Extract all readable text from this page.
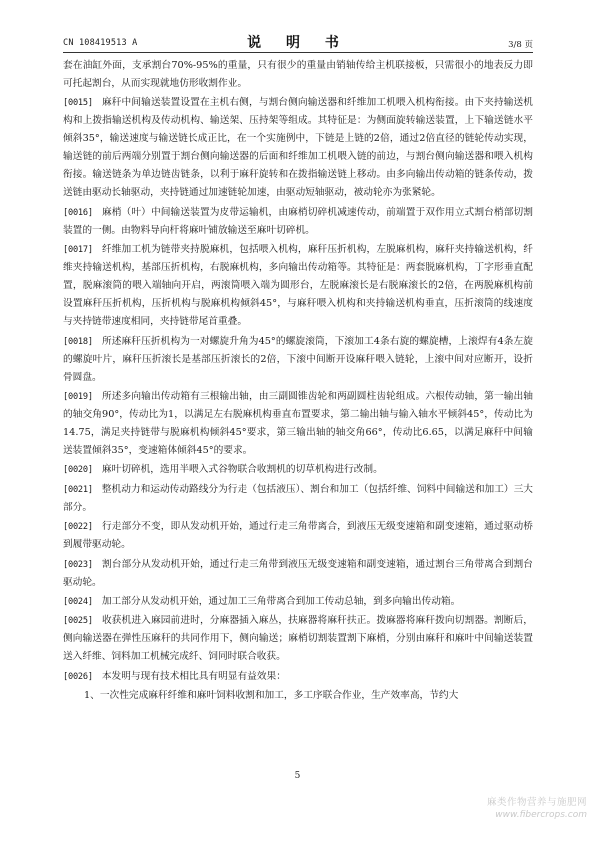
CN 108419513 A	说 明 书	3/8 页

套在油缸外面，支承割台70%-95%的重量，只有很少的重量由销轴传给主机联接板，只需很小的地表反力即可托起割台，从而实现就地仿形收割作业。

[0015] 麻秆中间输送装置设置在主机右侧，与割台侧向输送器和纤维加工机喂入机构衔接。由下夹持输送机构和上拨指输送机构及传动机构、输送架、压持架等组成。其特征是：为侧面旋转输送装置，上下输送链水平倾斜35°，输送速度与输送链长成正比，在一个实施例中，下链是上链的2倍，通过2倍直径的链轮传动实现，输送链的前后两端分别置于割台侧向输送器的后面和纤维加工机喂入链的前边，与割台侧向输送器和喂入机构衔接。输送链条为单边链齿链条，以利于麻秆旋转和在拨指输送链上移动。由多向输出传动箱的链条传动，拨送链由驱动长轴驱动，夹持链通过加速链轮加速，由驱动短轴驱动，被动轮亦为张紧轮。

[0016] 麻梢（叶）中间输送装置为皮带运输机，由麻梢切碎机减速传动，前端置于双作用立式割台梢部切割装置的一侧。由物料导向杆将麻叶铺放输送至麻叶切碎机。

[0017] 纤维加工机为链带夹持脱麻机，包括喂入机构，麻秆压折机构，左脱麻机构，麻秆夹持输送机构，纤维夹持输送机构，基部压折机构，右脱麻机构，多向输出传动箱等。其特征是：两套脱麻机构，丁字形垂直配置，脱麻滚筒的喂入端轴向开启，两滚筒喂入端为圆形台，左脱麻滚长是右脱麻滚长的2倍，在两脱麻机构前设置麻秆压折机构，压折机构与脱麻机构倾斜45°，与麻秆喂入机构和夹持输送机构垂直，压折滚筒的线速度与夹持链带速度相同，夹持链带尾首重叠。

[0018] 所述麻秆压折机构为一对螺旋升角为45°的螺旋滚筒，下滚加工4条右旋的螺旋槽，上滚焊有4条左旋的螺旋叶片，麻秆压折滚长是基部压折滚长的2倍，下滚中间断开设麻秆喂入链轮，上滚中间对应断开，设折骨圆盘。

[0019] 所述多向输出传动箱有三根输出轴，由三副圆锥齿轮和两副圆柱齿轮组成。六根传动轴，第一输出轴的轴交角90°，传动比为1，以满足左右脱麻机构垂直布置要求，第二输出轴与输入轴水平倾斜45°，传动比为14.75，满足夹持链带与脱麻机构倾斜45°要求，第三输出轴的轴交角66°，传动比6.65，以满足麻秆中间输送装置倾斜35°，变速箱体倾斜45°的要求。

[0020] 麻叶切碎机，选用半喂入式谷物联合收割机的切草机构进行改制。

[0021] 整机动力和运动传动路线分为行走（包括液压）、割台和加工（包括纤维、饲料中间输送和加工）三大部分。

[0022] 行走部分不变，即从发动机开始，通过行走三角带离合，到液压无级变速箱和副变速箱，通过驱动桥到履带驱动轮。

[0023] 割台部分从发动机开始，通过行走三角带到液压无级变速箱和副变速箱，通过割台三角带离合到割台驱动轮。

[0024] 加工部分从发动机开始，通过加工三角带离合到加工传动总轴，到多向输出传动箱。

[0025] 收获机进入麻园前进时，分麻器插入麻丛，扶麻器将麻秆扶正。拨麻器将麻秆拨向切割器。割断后，侧向输送器在弹性压麻秆的共同作用下，侧向输送；麻梢切割装置割下麻梢，分别由麻秆和麻叶中间输送装置送入纤维、饲料加工机械完成纤、饲同时联合收获。

[0026] 本发明与现有技术相比具有明显有益效果：

1、一次性完成麻秆纤维和麻叶饲料收割和加工，多工序联合作业，生产效率高，节约大

5
麻类作物营养与施肥网
www.fibercrops.com
